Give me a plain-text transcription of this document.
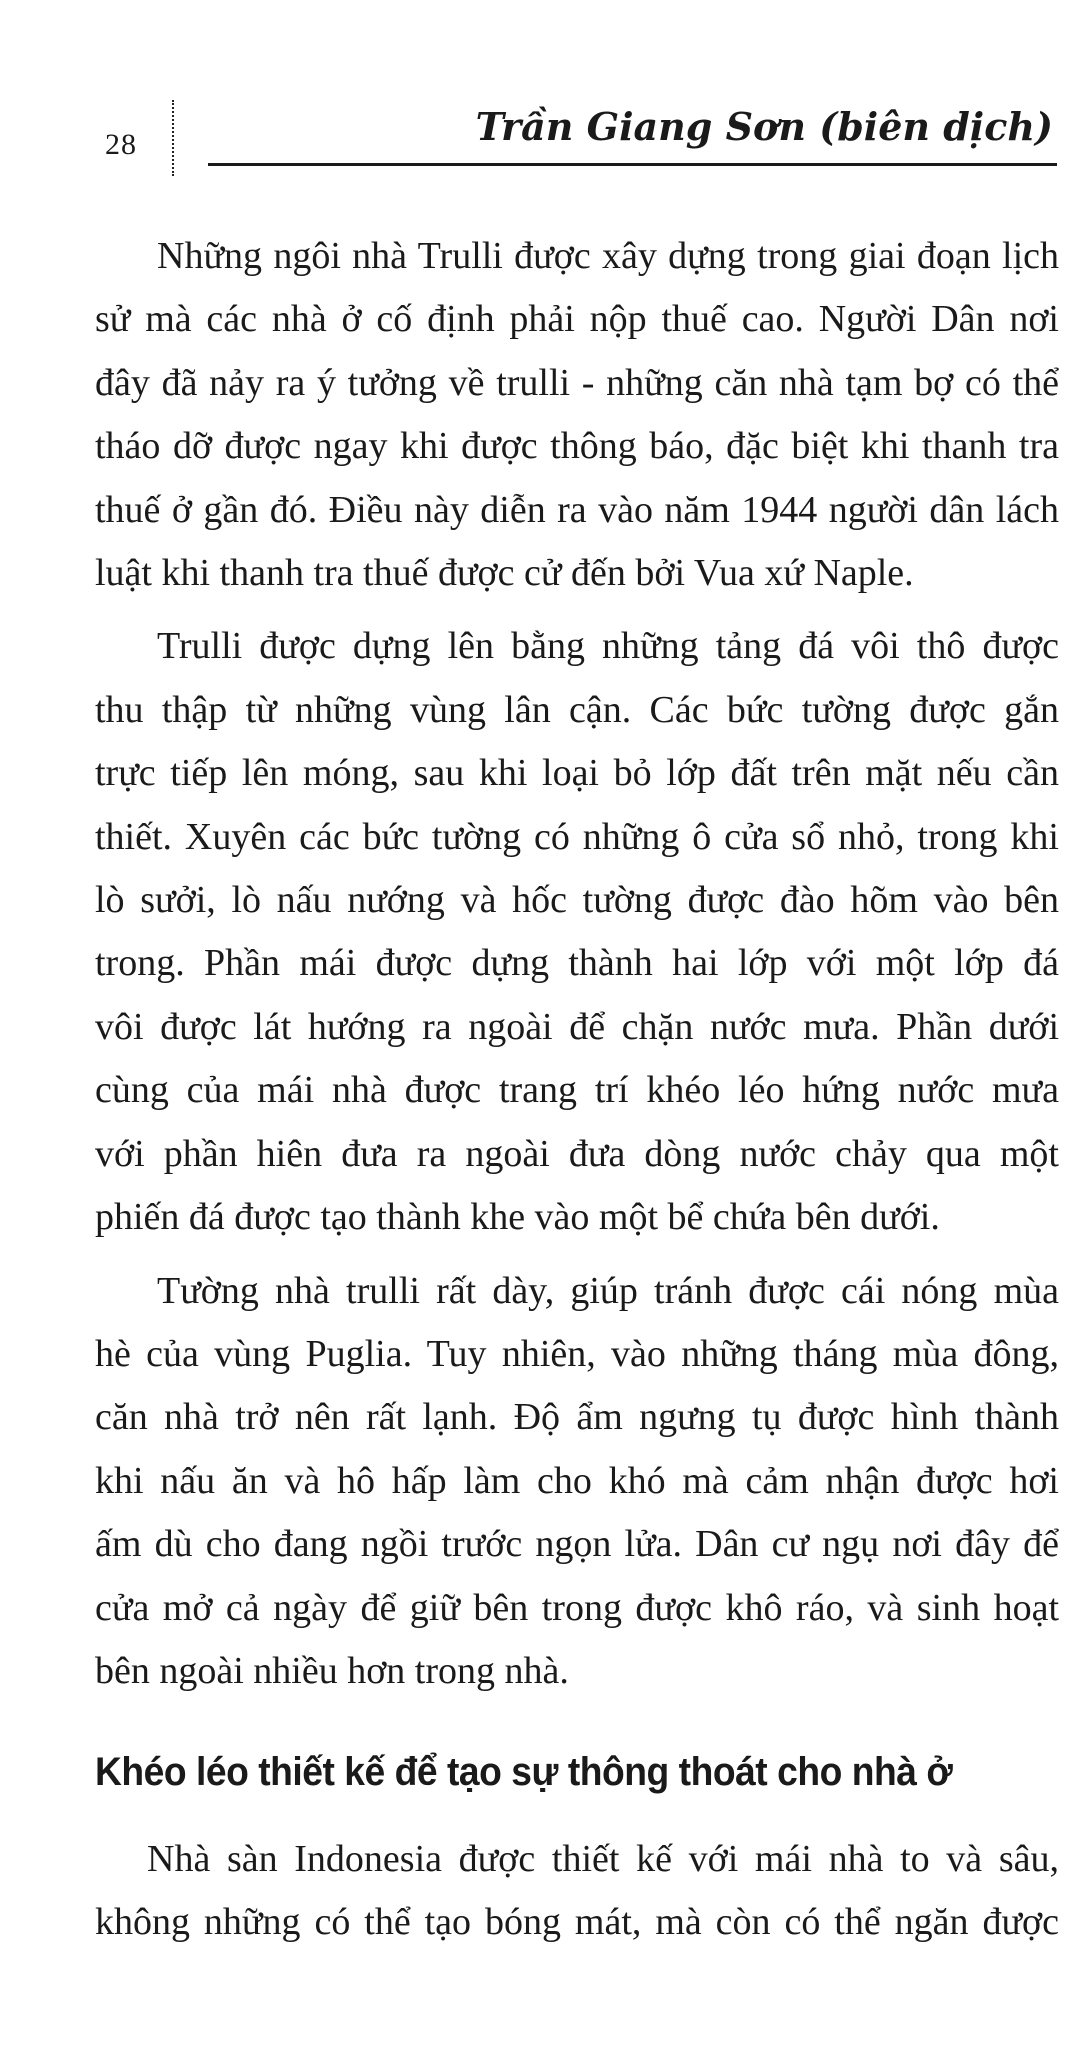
28	Trần Giang Sơn (biên dịch)

Những ngôi nhà Trulli được xây dựng trong giai đoạn lịch
sử mà các nhà ở cố định phải nộp thuế cao. Người Dân nơi
đây đã nảy ra ý tưởng về trulli - những căn nhà tạm bợ có thể
tháo dỡ được ngay khi được thông báo, đặc biệt khi thanh tra
thuế ở gần đó. Điều này diễn ra vào năm 1944 người dân lách
luật khi thanh tra thuế được cử đến bởi Vua xứ Naple.

Trulli được dựng lên bằng những tảng đá vôi thô được
thu thập từ những vùng lân cận. Các bức tường được gắn
trực tiếp lên móng, sau khi loại bỏ lớp đất trên mặt nếu cần
thiết. Xuyên các bức tường có những ô cửa sổ nhỏ, trong khi
lò sưởi, lò nấu nướng và hốc tường được đào hõm vào bên
trong. Phần mái được dựng thành hai lớp với một lớp đá
vôi được lát hướng ra ngoài để chặn nước mưa. Phần dưới
cùng của mái nhà được trang trí khéo léo hứng nước mưa
với phần hiên đưa ra ngoài đưa dòng nước chảy qua một
phiến đá được tạo thành khe vào một bể chứa bên dưới.

Tường nhà trulli rất dày, giúp tránh được cái nóng mùa
hè của vùng Puglia. Tuy nhiên, vào những tháng mùa đông,
căn nhà trở nên rất lạnh. Độ ẩm ngưng tụ được hình thành
khi nấu ăn và hô hấp làm cho khó mà cảm nhận được hơi
ấm dù cho đang ngồi trước ngọn lửa. Dân cư ngụ nơi đây để
cửa mở cả ngày để giữ bên trong được khô ráo, và sinh hoạt
bên ngoài nhiều hơn trong nhà.

Khéo léo thiết kế để tạo sự thông thoát cho nhà ở

Nhà sàn Indonesia được thiết kế với mái nhà to và sâu,
không những có thể tạo bóng mát, mà còn có thể ngăn được
